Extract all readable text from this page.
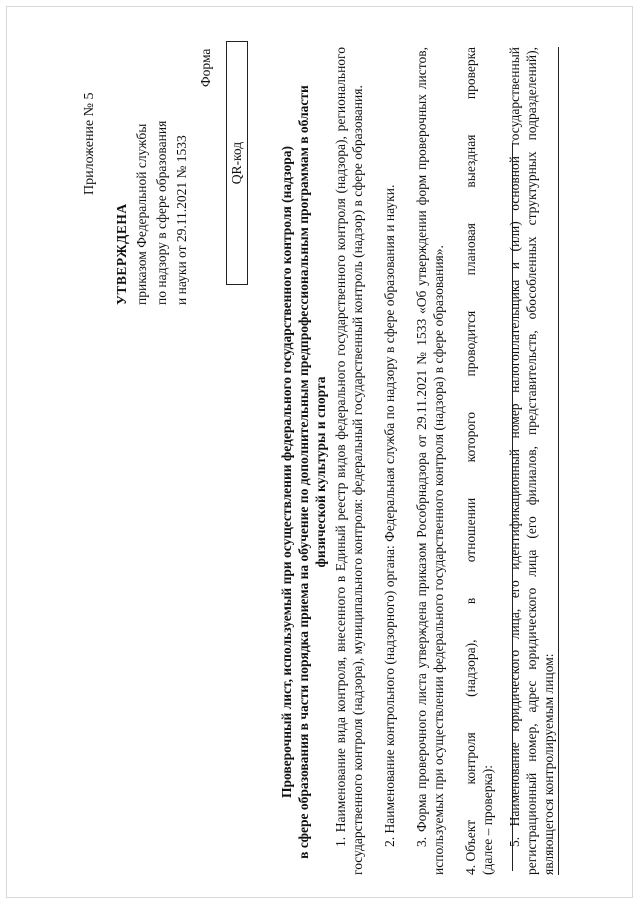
Приложение № 5
УТВЕРЖДЕНА приказом Федеральной службы по надзору в сфере образования и науки от 29.11.2021 № 1533
Форма
QR-код	Проверочный лист, используемый при осуществлении федерального государственного контроля (надзора) в сфере образования в части порядка приема на обучение по дополнительным предпрофессиональным программам в области физической культуры и спорта 1. Наименование вида контроля, внесенного в Единый реестр видов федерального государственного контроля (надзора), регионального государственного контроля (надзора), муниципального контроля: федеральный государственный контроль (надзор) в сфере образования. 2. Наименование контрольного (надзорного) органа: Федеральная служба по надзору в сфере образования и науки. 3. Форма проверочного листа утверждена приказом Рособрнадзора от 29.11.2021 № 1533 «Об утверждении форм проверочных листов, используемых при осуществлении федерального государственного контроля (надзора) в сфере образования». 4. Объект
контроля
(надзора),
в
отношении
которого
проводится
плановая
выездная
проверка
(далее – проверка): 5. Наименование юридического лица, его идентификационный номер налогоплательщика и (или) основной государственный регистрационный номер, адрес юридического лица (его филиалов, представительств, обособленных структурных подразделений), являющегося контролируемым лицом:
